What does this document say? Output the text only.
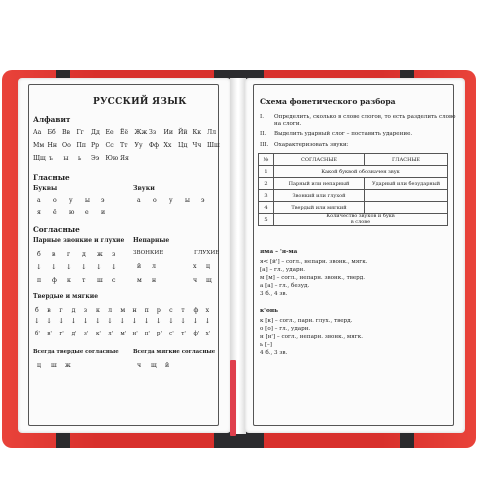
РУССКИЙ ЯЗЫК
Алфавит
Аа Бб	Вв	Гг	Дд Ее	Ёё	Жж Зз	Ии Йй Кк Лл
Мм Нн Оо Пп Рр	Сс	Тт	Уу	Фф Хх	Цц Чч Шш
Щщ ъ	ы	ь	Ээ	Юю Яя
Гласные
Буквы	Звуки
а	о	у	ы	э
я	ё	ю	е	и
а	о	у	ы	э
Согласные
Парные звонкие и глухие Непарные
ЗВОНКИЕ	ГЛУХИЕ
б	в	г	д	ж	з
↓	↓	↓	↓	↓	↓
п	ф	к	т	ш	с
й	л
м	н
х	ц
ч	щ
Твердые и мягкие
б	в	г	д	з	к	л	м	н	п	р	с	т	ф	х
↓ ↓ ↓ ↓ ↓ ↓ ↓ ↓ ↓ ↓ ↓ ↓ ↓ ↓ ↓
б'	в'	г'	д'	з'	к'	л'	м'	н'	п'	р'	с'	т'	ф'	х'
Всегда твердые согласные	Всегда мягкие согласные
ц	ш	ж	ч	щ	й
Схема фонетического разбора
I. Определить, сколько в слове слогов, то есть разделить слово
на слоги.
II. Выделить ударный слог – поставить ударение.
III. Охарактеризовать звуки:
№	СОГЛАСНЫЕ	ГЛАСНЫЕ
1	Какой буквой обозначен звук	
2	Парный или непарный	Ударный или безударный
3	Звонкий или глухой	
4	Твердый или мягкий	
5	Количество звуков и букв
в слове	
яма – 'я-ма
я< [й'] – согл., непарн. звонк., мягк.
[а] – гл., ударн.
м [м] – согл., непарн. звонк., тверд.
а [а] – гл., безуд.
3 б., 4 зв.
к'онь
к [к] – согл., парн. глух., тверд.
о [о] – гл., ударн.
н [н'] – согл., непарн. звонк., мягк.
ь [–]
4 б., 3 зв.
